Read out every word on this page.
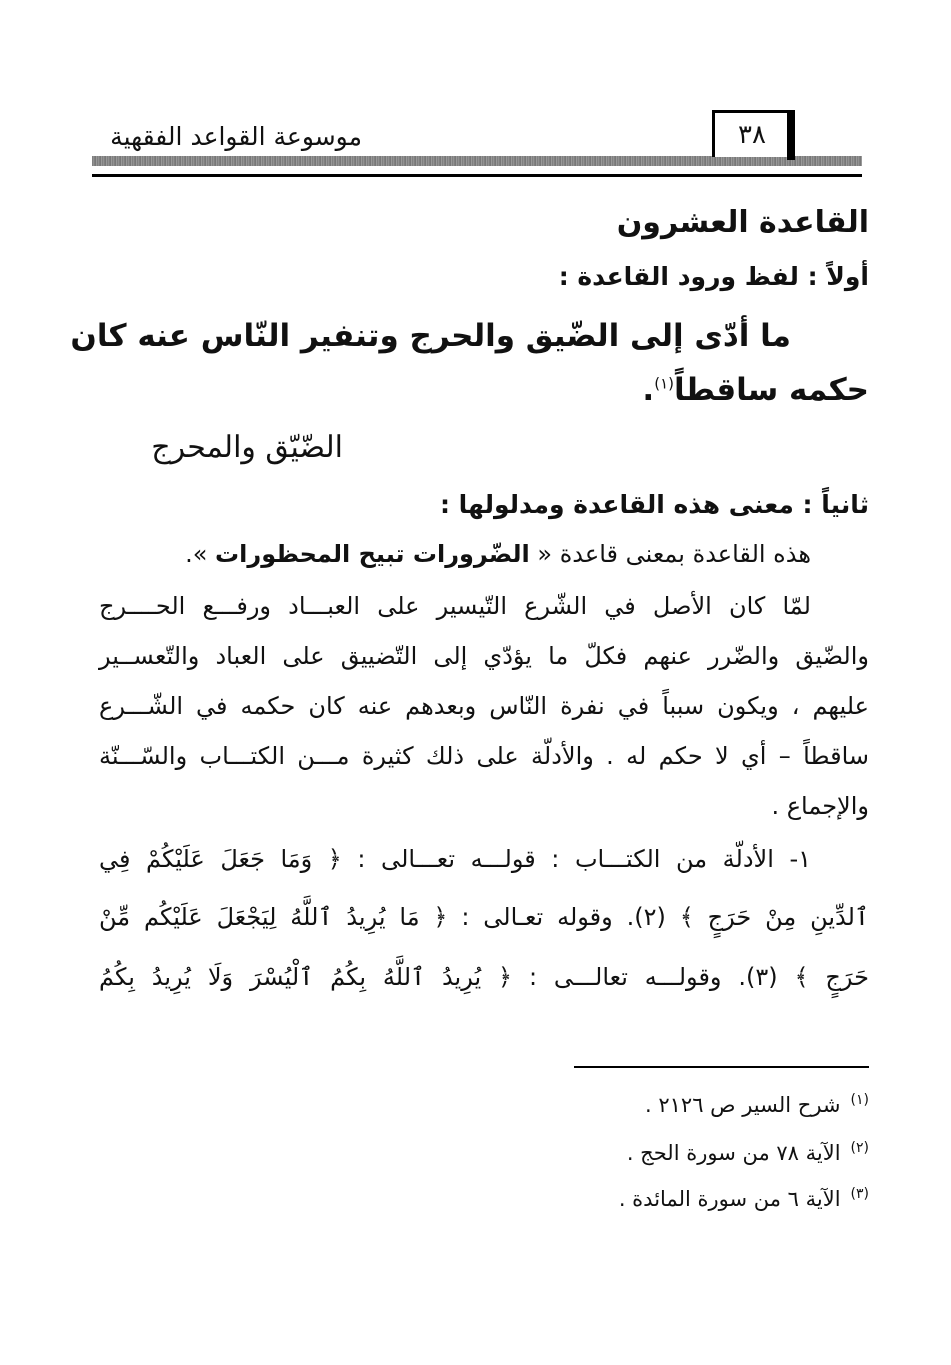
موسوعة القواعد الفقهية	٣٨
القاعدة العشرون
أولاً : لفظ ورود القاعدة :
ما أدّى إلى الضّيق والحرج وتنفير النّاس عنه كان
حكمه ساقطاً$^{(١)}$.
الضّيّق والمحرج
ثانياً : معنى هذه القاعدة ومدلولها :
هذه القاعدة بمعنى قاعدة « الضّرورات تبيح المحظورات ».
لمّا كان الأصل في الشّرع التّيسير على العبـــاد ورفـــع الحــــرج
والضّيق والضّرر عنهم فكلّ ما يؤدّي إلى التّضييق على العباد والتّعســير
عليهم ، ويكون سبباً في نفرة النّاس وبعدهم عنه كان حكمه في الشّـــرع
ساقطاً – أي لا حكم له . والأدلّة على ذلك كثيرة مـــن الكتـــاب والسّـــنّة
والإجماع .
١- الأدلّة من الكتـــاب : قولـــه تعـــالى : ﴿ وَمَا جَعَلَ عَلَيْكُمْ فِي
ٱلدِّينِ مِنْ حَرَجٍ ﴾ (٢). وقوله تعـالى : ﴿ مَا يُرِيدُ ٱللَّهُ لِيَجْعَلَ عَلَيْكُم مِّنْ
حَرَجٍ ﴾ (٣). وقولـــه تعالـــى : ﴿ يُرِيدُ ٱللَّهُ بِكُمُ ٱلْيُسْرَ وَلَا يُرِيدُ بِكُمُ
$^{(١)}$شرح السير ص ٢١٢٦ .
$^{(٢)}$الآية ٧٨ من سورة الحج .
$^{(٣)}$الآية ٦ من سورة المائدة .
